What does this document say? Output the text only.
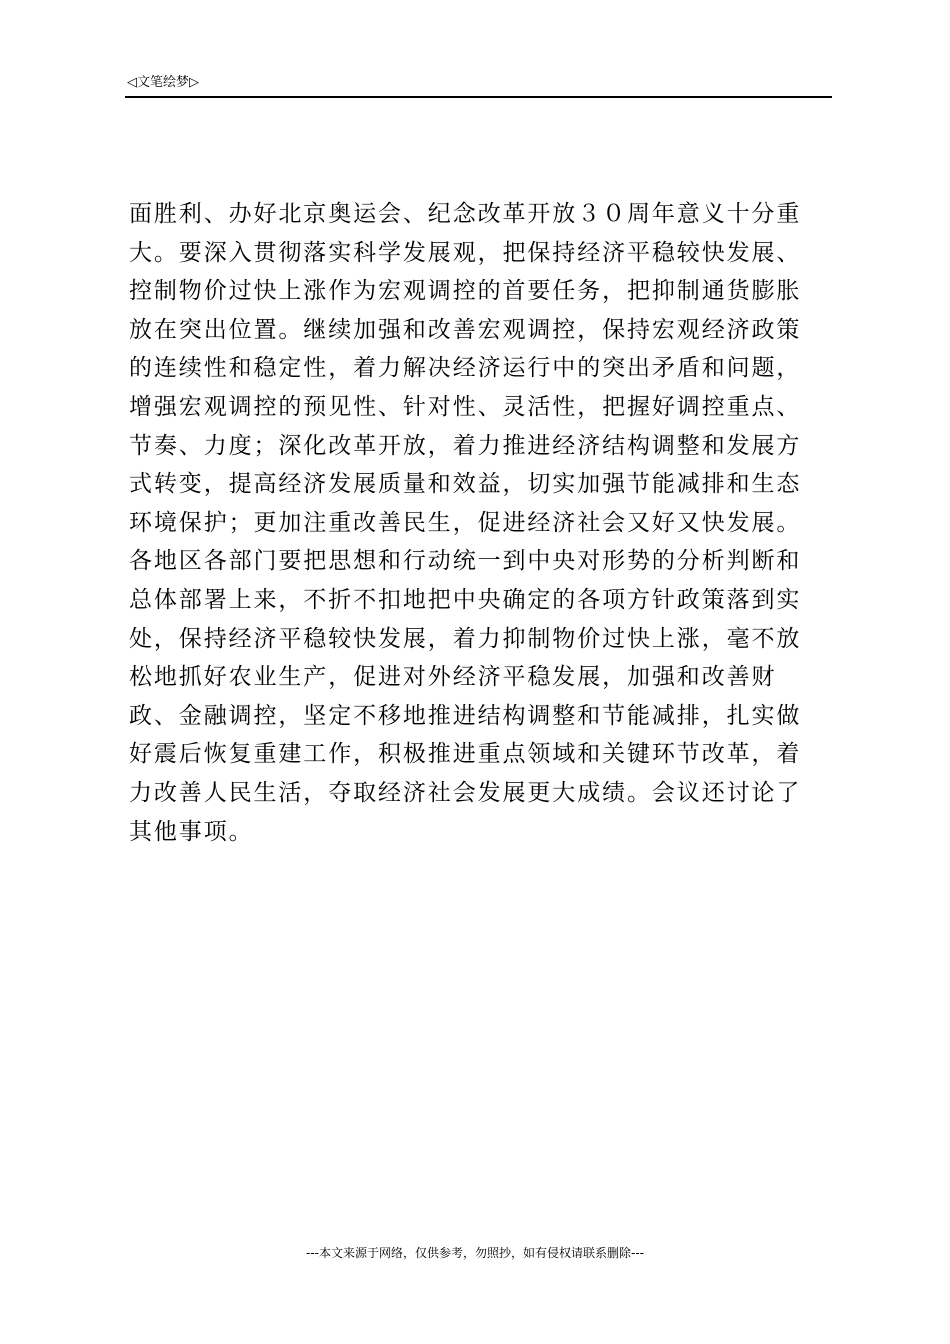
◁文笔绘梦▷
面胜利、办好北京奥运会、纪念改革开放３０周年意义十分重
大。要深入贯彻落实科学发展观，把保持经济平稳较快发展、
控制物价过快上涨作为宏观调控的首要任务，把抑制通货膨胀
放在突出位置。继续加强和改善宏观调控，保持宏观经济政策
的连续性和稳定性，着力解决经济运行中的突出矛盾和问题，
增强宏观调控的预见性、针对性、灵活性，把握好调控重点、
节奏、力度；深化改革开放，着力推进经济结构调整和发展方
式转变，提高经济发展质量和效益，切实加强节能减排和生态
环境保护；更加注重改善民生，促进经济社会又好又快发展。
各地区各部门要把思想和行动统一到中央对形势的分析判断和
总体部署上来，不折不扣地把中央确定的各项方针政策落到实
处，保持经济平稳较快发展，着力抑制物价过快上涨，毫不放
松地抓好农业生产，促进对外经济平稳发展，加强和改善财
政、金融调控，坚定不移地推进结构调整和节能减排，扎实做
好震后恢复重建工作，积极推进重点领域和关键环节改革，着
力改善人民生活，夺取经济社会发展更大成绩。会议还讨论了
其他事项。
---本文来源于网络，仅供参考，勿照抄，如有侵权请联系删除---
